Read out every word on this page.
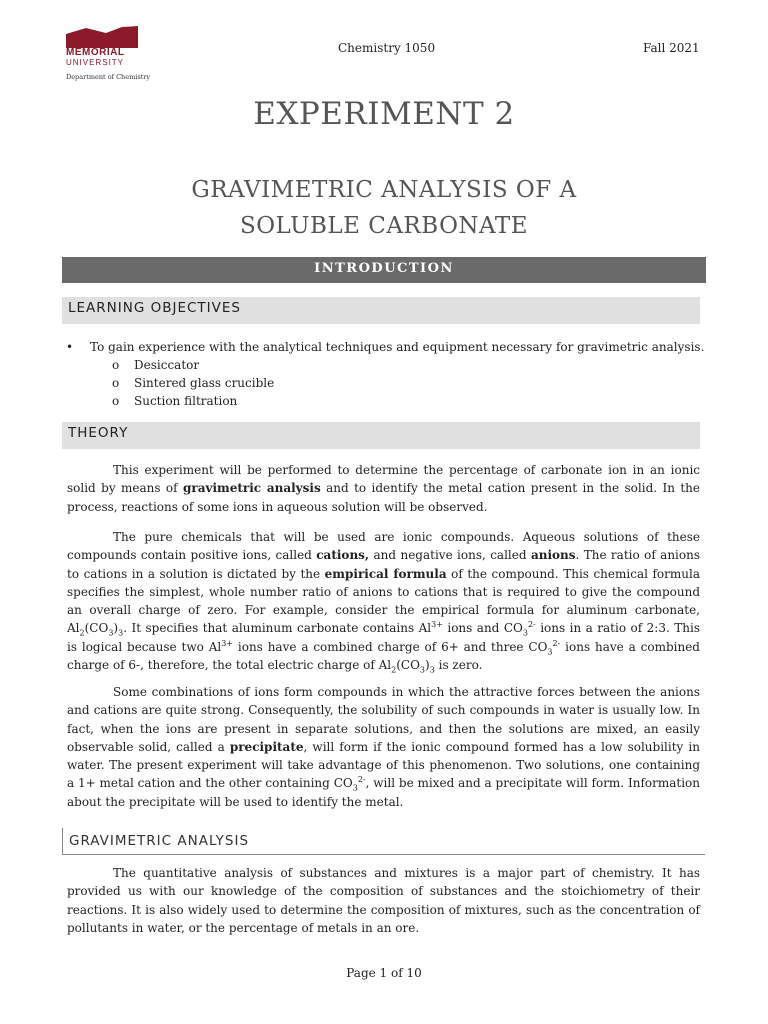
MEMORIAL
UNIVERSITY
Department of Chemistry
Chemistry 1050	Fall 2021
EXPERIMENT 2
GRAVIMETRIC ANALYSIS OF A
SOLUBLE CARBONATE
INTRODUCTION
LEARNING OBJECTIVES
•	To gain experience with the analytical techniques and equipment necessary for gravimetric analysis.
o	Desiccator
o	Sintered glass crucible
o	Suction filtration
THEORY

This experiment will be performed to determine the percentage of carbonate ion in an ionic solid by means of gravimetric analysis and to identify the metal cation present in the solid. In the process, reactions of some ions in aqueous solution will be observed.

The pure chemicals that will be used are ionic compounds. Aqueous solutions of these compounds contain positive ions, called cations, and negative ions, called anions. The ratio of anions to cations in a solution is dictated by the empirical formula of the compound. This chemical formula specifies the simplest, whole number ratio of anions to cations that is required to give the compound an overall charge of zero. For example, consider the empirical formula for aluminum carbonate, $Al_2(CO_3)_3$. It specifies that aluminum carbonate contains $Al^{3+}$ ions and $CO_3^{2-}$ ions in a ratio of 2:3. This is logical because two $Al^{3+}$ ions have a combined charge of 6+ and three $CO_3^{2-}$ ions have a combined charge of 6-, therefore, the total electric charge of $Al_2(CO_3)_3$ is zero.

Some combinations of ions form compounds in which the attractive forces between the anions and cations are quite strong. Consequently, the solubility of such compounds in water is usually low. In fact, when the ions are present in separate solutions, and then the solutions are mixed, an easily observable solid, called a precipitate, will form if the ionic compound formed has a low solubility in water. The present experiment will take advantage of this phenomenon. Two solutions, one containing a 1+ metal cation and the other containing $CO_3^{2-}$, will be mixed and a precipitate will form. Information about the precipitate will be used to identify the metal.

GRAVIMETRIC ANALYSIS

The quantitative analysis of substances and mixtures is a major part of chemistry. It has provided us with our knowledge of the composition of substances and the stoichiometry of their reactions. It is also widely used to determine the composition of mixtures, such as the concentration of pollutants in water, or the percentage of metals in an ore.

Page 1 of 10
